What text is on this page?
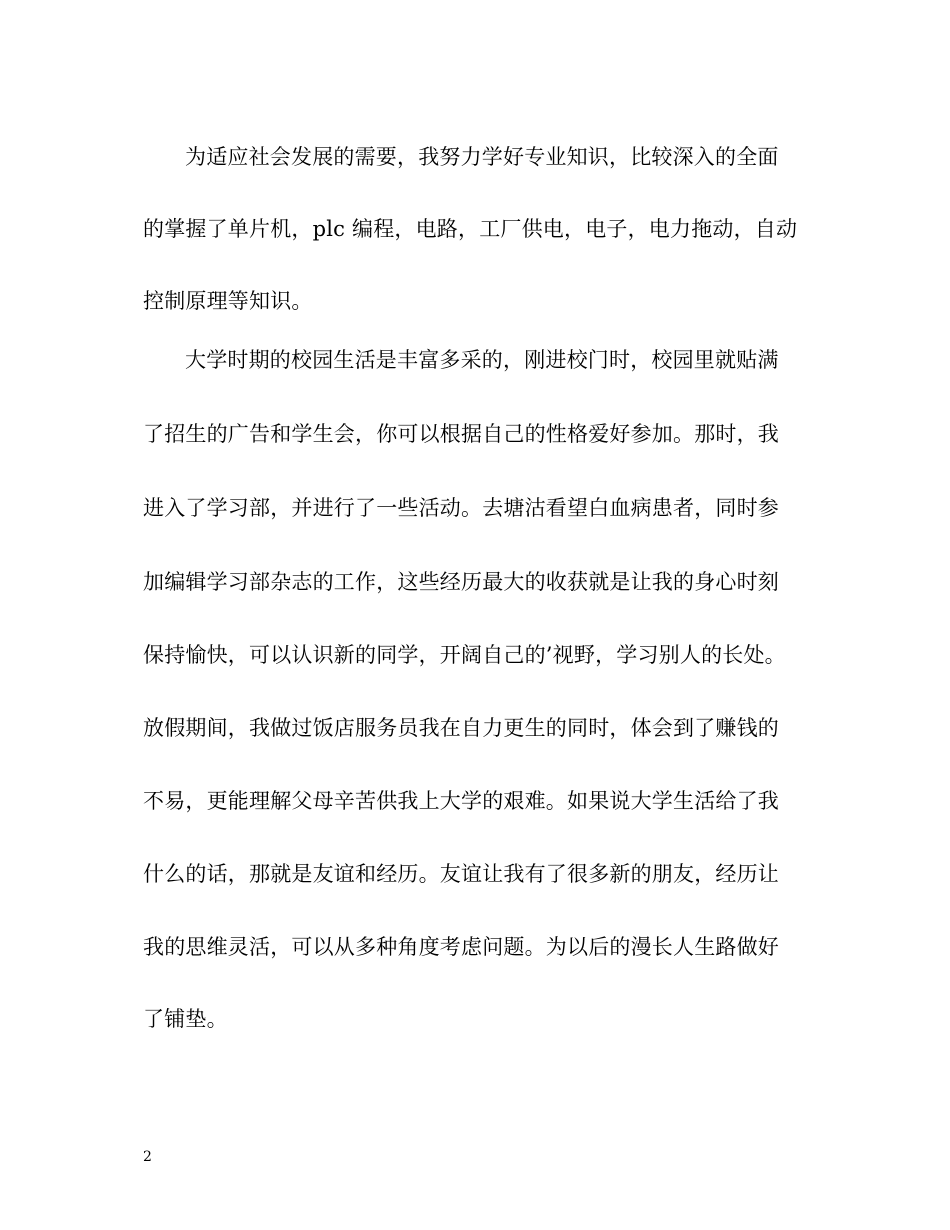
为适应社会发展的需要，我努力学好专业知识，比较深入的全面
的掌握了单片机，plc 编程，电路，工厂供电，电子，电力拖动，自动
控制原理等知识。
大学时期的校园生活是丰富多采的，刚进校门时，校园里就贴满
了招生的广告和学生会，你可以根据自己的性格爱好参加。那时，我
进入了学习部，并进行了一些活动。去塘沽看望白血病患者，同时参
加编辑学习部杂志的工作，这些经历最大的收获就是让我的身心时刻
保持愉快，可以认识新的同学，开阔自己的’视野，学习别人的长处。
放假期间，我做过饭店服务员我在自力更生的同时，体会到了赚钱的
不易，更能理解父母辛苦供我上大学的艰难。如果说大学生活给了我
什么的话，那就是友谊和经历。友谊让我有了很多新的朋友，经历让
我的思维灵活，可以从多种角度考虑问题。为以后的漫长人生路做好
了铺垫。
2
